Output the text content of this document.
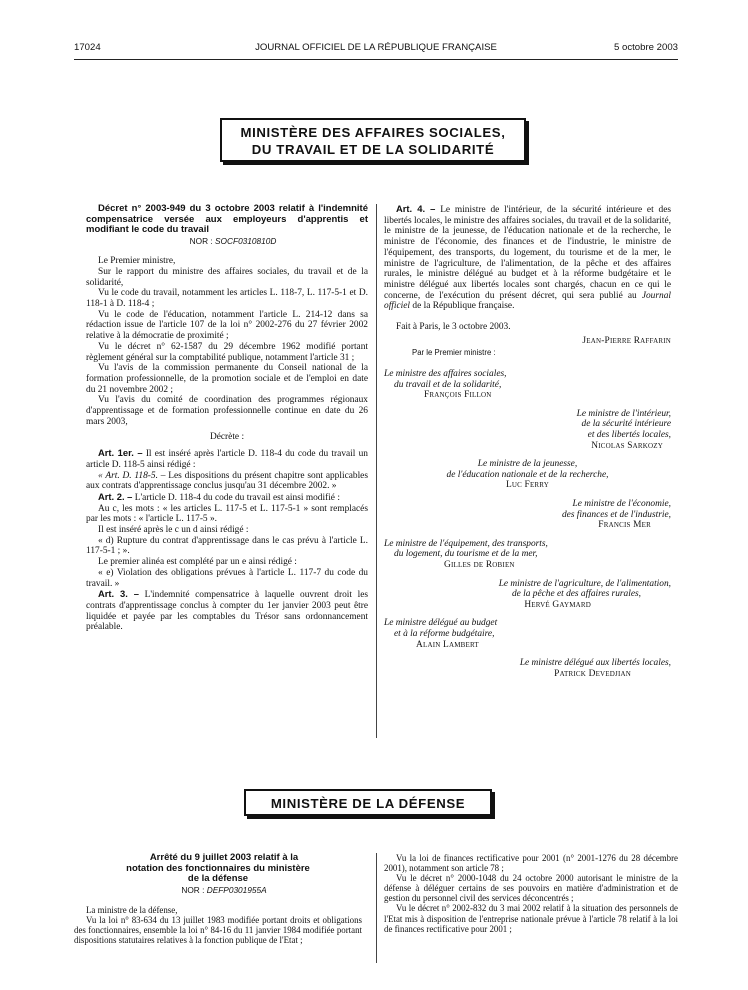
17024	JOURNAL OFFICIEL DE LA RÉPUBLIQUE FRANÇAISE	5 octobre 2003
MINISTÈRE DES AFFAIRES SOCIALES,
DU TRAVAIL ET DE LA SOLIDARITÉ

Décret n° 2003-949 du 3 octobre 2003 relatif à l'indemnité compensatrice versée aux employeurs d'apprentis et modifiant le code du travail

NOR : SOCF0310810D

Le Premier ministre,

Sur le rapport du ministre des affaires sociales, du travail et de la solidarité,

Vu le code du travail, notamment les articles L. 118-7, L. 117-5-1 et D. 118-1 à D. 118-4 ;

Vu le code de l'éducation, notamment l'article L. 214-12 dans sa rédaction issue de l'article 107 de la loi n° 2002-276 du 27 février 2002 relative à la démocratie de proximité ;

Vu le décret n° 62-1587 du 29 décembre 1962 modifié portant règlement général sur la comptabilité publique, notamment l'article 31 ;

Vu l'avis de la commission permanente du Conseil national de la formation professionnelle, de la promotion sociale et de l'emploi en date du 21 novembre 2002 ;

Vu l'avis du comité de coordination des programmes régionaux d'apprentissage et de formation professionnelle continue en date du 26 mars 2003,

Décrète :

Art. 1er. – Il est inséré après l'article D. 118-4 du code du travail un article D. 118-5 ainsi rédigé :

« Art. D. 118-5. – Les dispositions du présent chapitre sont applicables aux contrats d'apprentissage conclus jusqu'au 31 décembre 2002. »

Art. 2. – L'article D. 118-4 du code du travail est ainsi modifié :

Au c, les mots : « les articles L. 117-5 et L. 117-5-1 » sont remplacés par les mots : « l'article L. 117-5 ».

Il est inséré après le c un d ainsi rédigé :

« d) Rupture du contrat d'apprentissage dans le cas prévu à l'article L. 117-5-1 ; ».

Le premier alinéa est complété par un e ainsi rédigé :

« e) Violation des obligations prévues à l'article L. 117-7 du code du travail. »

Art. 3. – L'indemnité compensatrice à laquelle ouvrent droit les contrats d'apprentissage conclus à compter du 1er janvier 2003 peut être liquidée et payée par les comptables du Trésor sans ordonnancement préalable.

Art. 4. – Le ministre de l'intérieur, de la sécurité intérieure et des libertés locales, le ministre des affaires sociales, du travail et de la solidarité, le ministre de la jeunesse, de l'éducation nationale et de la recherche, le ministre de l'économie, des finances et de l'industrie, le ministre de l'équipement, des transports, du logement, du tourisme et de la mer, le ministre de l'agriculture, de l'alimentation, de la pêche et des affaires rurales, le ministre délégué au budget et à la réforme budgétaire et le ministre délégué aux libertés locales sont chargés, chacun en ce qui le concerne, de l'exécution du présent décret, qui sera publié au Journal officiel de la République française.

Fait à Paris, le 3 octobre 2003.

Jean-Pierre Raffarin
Par le Premier ministre :
Le ministre des affaires sociales,
du travail et de la solidarité,
François Fillon
Le ministre de l'intérieur,
de la sécurité intérieure
et des libertés locales,
Nicolas Sarkozy
Le ministre de la jeunesse,
de l'éducation nationale et de la recherche,
Luc Ferry
Le ministre de l'économie,
des finances et de l'industrie,
Francis Mer
Le ministre de l'équipement, des transports,
du logement, du tourisme et de la mer,
Gilles de Robien
Le ministre de l'agriculture, de l'alimentation,
de la pêche et des affaires rurales,
Hervé Gaymard
Le ministre délégué au budget
et à la réforme budgétaire,
Alain Lambert
Le ministre délégué aux libertés locales,
Patrick Devedjian
MINISTÈRE DE LA DÉFENSE

Arrêté du 9 juillet 2003 relatif à la notation des fonctionnaires du ministère de la défense

NOR : DEFP0301955A

La ministre de la défense,

Vu la loi n° 83-634 du 13 juillet 1983 modifiée portant droits et obligations des fonctionnaires, ensemble la loi n° 84-16 du 11 janvier 1984 modifiée portant dispositions statutaires relatives à la fonction publique de l'Etat ;

Vu la loi de finances rectificative pour 2001 (n° 2001-1276 du 28 décembre 2001), notamment son article 78 ;

Vu le décret n° 2000-1048 du 24 octobre 2000 autorisant le ministre de la défense à déléguer certains de ses pouvoirs en matière d'administration et de gestion du personnel civil des services déconcentrés ;

Vu le décret n° 2002-832 du 3 mai 2002 relatif à la situation des personnels de l'Etat mis à disposition de l'entreprise nationale prévue à l'article 78 relatif à la loi de finances rectificative pour 2001 ;
